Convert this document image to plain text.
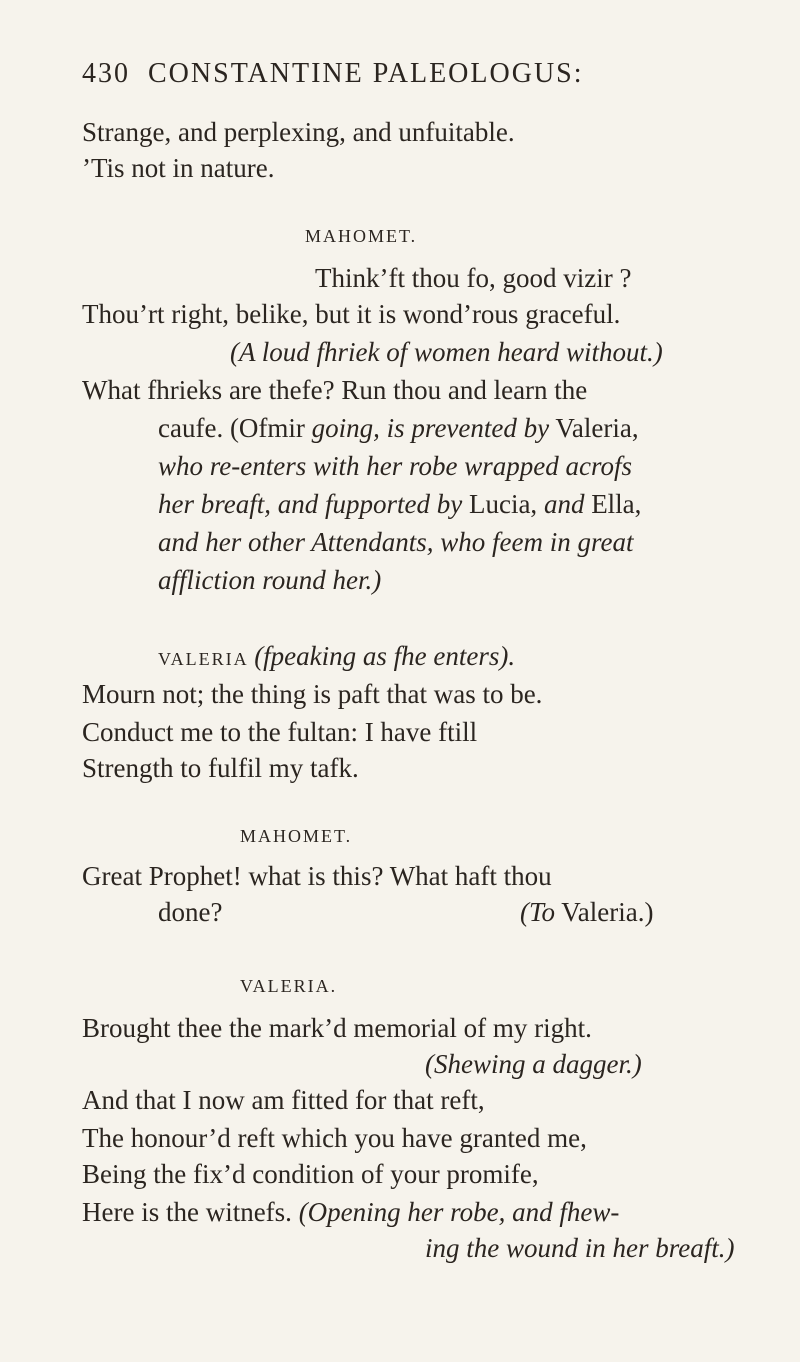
430 CONSTANTINE PALEOLOGUS:
Strange, and perplexing, and unfuitable.
’Tis not in nature.
MAHOMET.
Think’ft thou fo, good vizir ?
Thou’rt right, belike, but it is wond’rous graceful.
(A loud fhriek of women heard without.)
What fhrieks are thefe? Run thou and learn the
caufe. (Ofmir going, is prevented by Valeria,
who re-enters with her robe wrapped acrofs
her breaft, and fupported by Lucia, and Ella,
and her other Attendants, who feem in great
affliction round her.)
VALERIA (fpeaking as fhe enters).
Mourn not; the thing is paft that was to be.
Conduct me to the fultan: I have ftill
Strength to fulfil my tafk.
MAHOMET.
Great Prophet! what is this? What haft thou
done?	(To Valeria.)
VALERIA.
Brought thee the mark’d memorial of my right.
(Shewing a dagger.)
And that I now am fitted for that reft,
The honour’d reft which you have granted me,
Being the fix’d condition of your promife,
Here is the witnefs. (Opening her robe, and fhew-
ing the wound in her breaft.)
